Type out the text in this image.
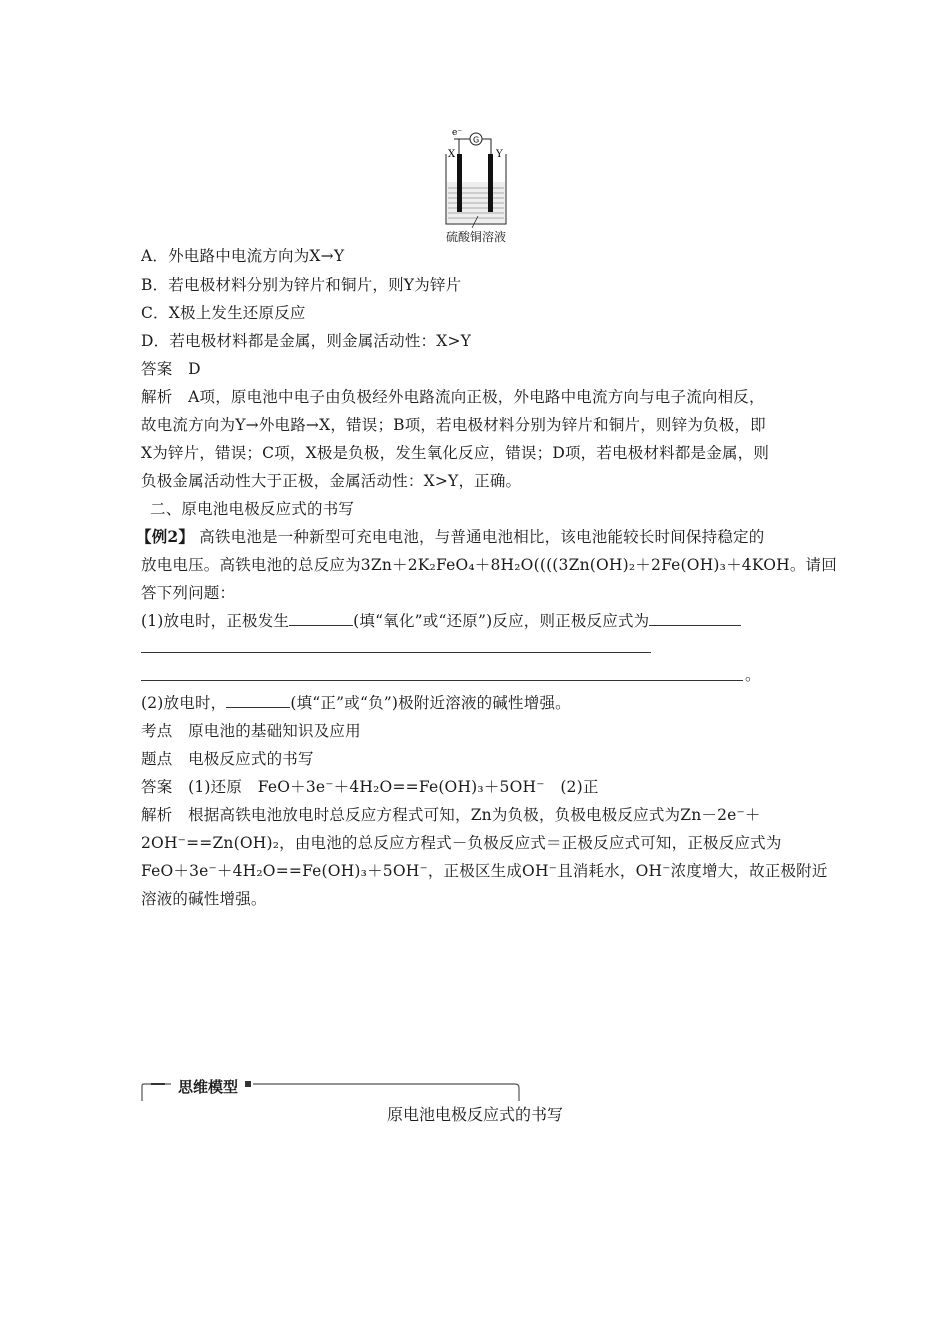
e⁻
G
X	Y
硫酸铜溶液
A．外电路中电流方向为X→Y
B．若电极材料分别为锌片和铜片，则Y为锌片
C．X极上发生还原反应
D．若电极材料都是金属，则金属活动性：X>Y
答案　D
解析　A项，原电池中电子由负极经外电路流向正极，外电路中电流方向与电子流向相反，
故电流方向为Y→外电路→X，错误；B项，若电极材料分别为锌片和铜片，则锌为负极，即
X为锌片，错误；C项，X极是负极，发生氧化反应，错误；D项，若电极材料都是金属，则
负极金属活动性大于正极，金属活动性：X>Y，正确。
二、原电池电极反应式的书写
【例2】 高铁电池是一种新型可充电电池，与普通电池相比，该电池能较长时间保持稳定的
放电电压。高铁电池的总反应为3Zn＋2K₂FeO₄＋8H₂O((((3Zn(OH)₂＋2Fe(OH)₃＋4KOH。请回
答下列问题：
(1)放电时，正极发生	(填“氧化”或“还原”)反应，则正极反应式为
。
(2)放电时，	(填“正”或“负”)极附近溶液的碱性增强。
考点　原电池的基础知识及应用
题点　电极反应式的书写
答案　(1)还原　FeO＋3e⁻＋4H₂O==Fe(OH)₃＋5OH⁻　(2)正
解析　根据高铁电池放电时总反应方程式可知，Zn为负极，负极电极反应式为Zn－2e⁻＋
2OH⁻==Zn(OH)₂，由电池的总反应方程式－负极反应式＝正极反应式可知，正极反应式为
FeO＋3e⁻＋4H₂O==Fe(OH)₃＋5OH⁻，正极区生成OH⁻且消耗水，OH⁻浓度增大，故正极附近
溶液的碱性增强。
思维模型
原电池电极反应式的书写
